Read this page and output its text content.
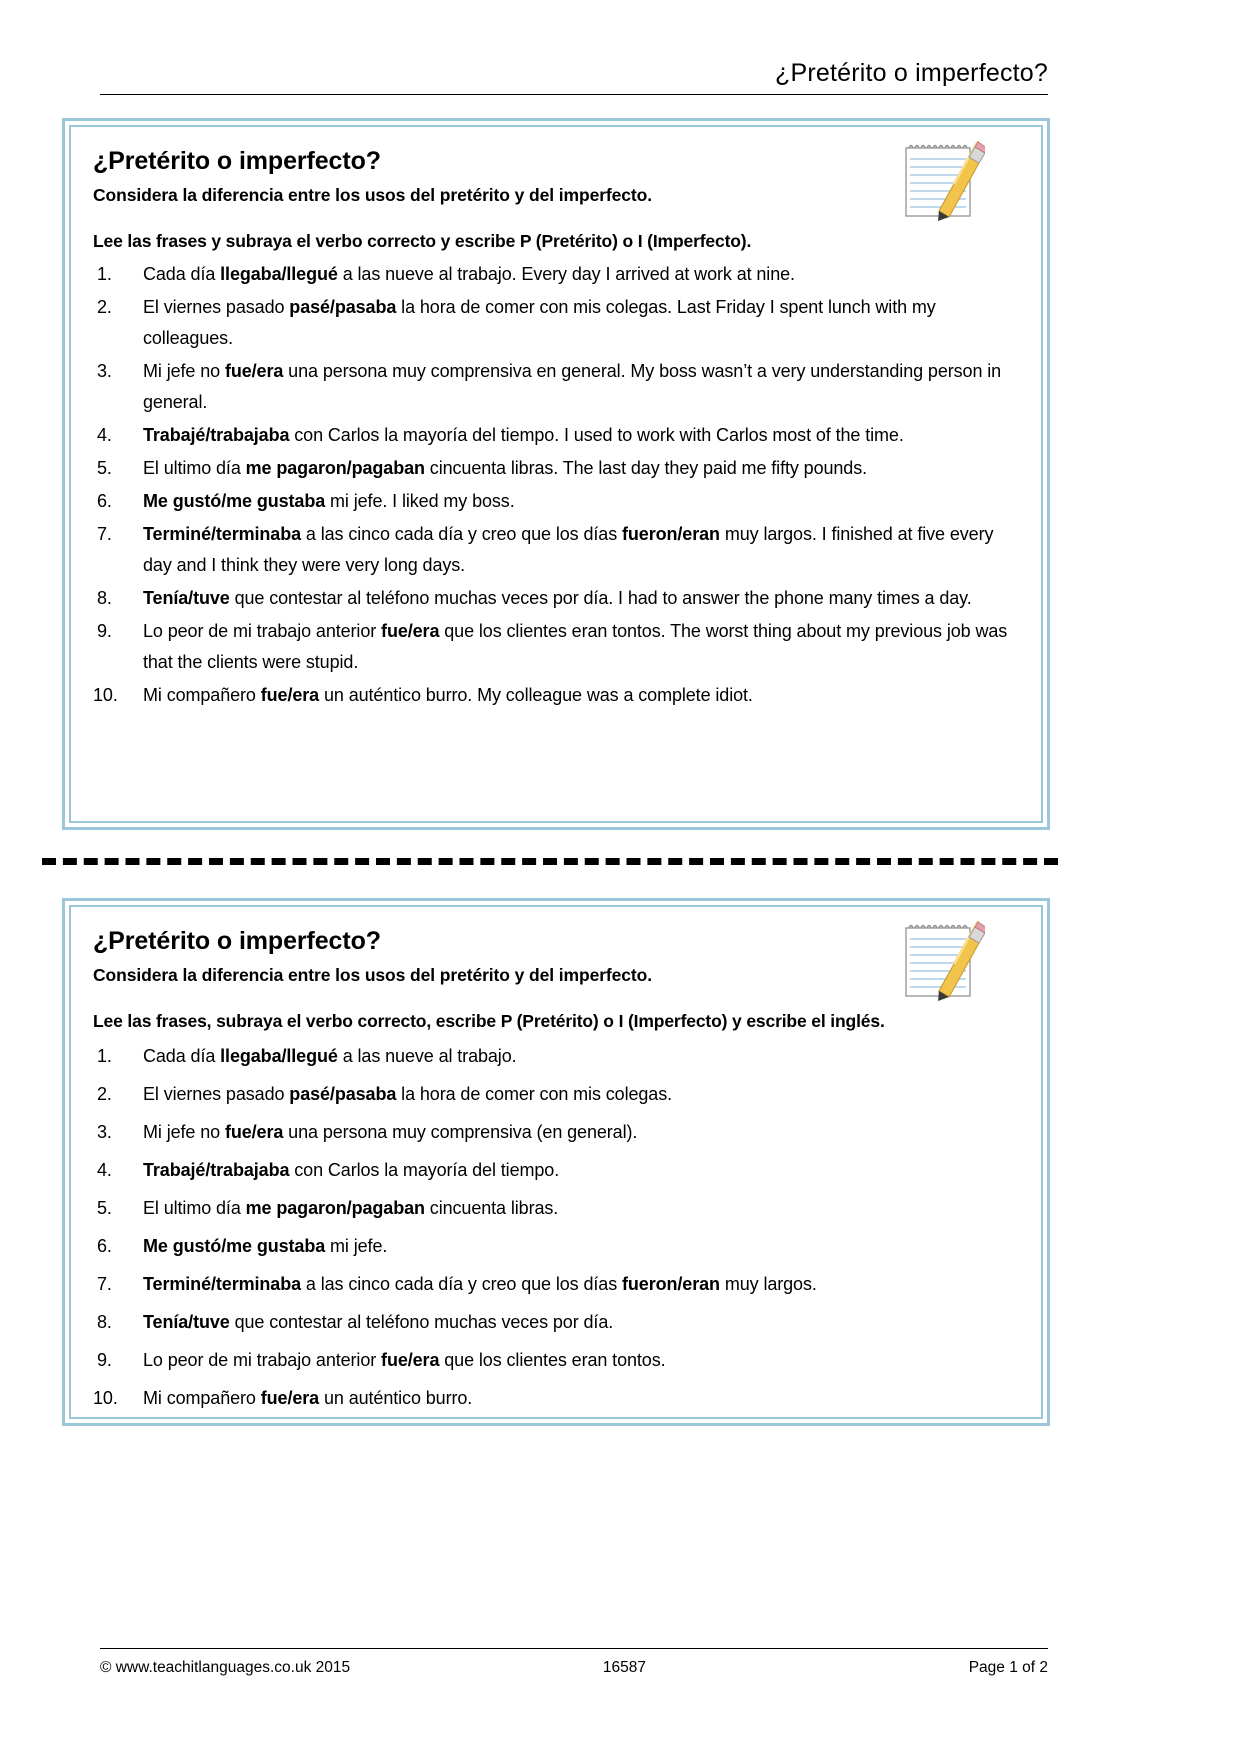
¿Pretérito o imperfecto?
¿Pretérito o imperfecto?
Considera la diferencia entre los usos del pretérito y del imperfecto.
Lee las frases y subraya el verbo correcto y escribe P (Pretérito) o I (Imperfecto).
1.	Cada día llegaba/llegué a las nueve al trabajo. Every day I arrived at work at nine.
2.	El viernes pasado pasé/pasaba la hora de comer con mis colegas. Last Friday I spent lunch with my colleagues.
3.	Mi jefe no fue/era una persona muy comprensiva en general. My boss wasn’t a very understanding person in general.
4.	Trabajé/trabajaba con Carlos la mayoría del tiempo. I used to work with Carlos most of the time.
5.	El ultimo día me pagaron/pagaban cincuenta libras. The last day they paid me fifty pounds.
6.	Me gustó/me gustaba mi jefe. I liked my boss.
7.	Terminé/terminaba a las cinco cada día y creo que los días fueron/eran muy largos. I finished at five every day and I think they were very long days.
8.	Tenía/tuve que contestar al teléfono muchas veces por día. I had to answer the phone many times a day.
9.	Lo peor de mi trabajo anterior fue/era que los clientes eran tontos. The worst thing about my previous job was that the clients were stupid.
10.	Mi compañero fue/era un auténtico burro. My colleague was a complete idiot.
¿Pretérito o imperfecto?
Considera la diferencia entre los usos del pretérito y del imperfecto.
Lee las frases, subraya el verbo correcto, escribe P (Pretérito) o I (Imperfecto) y escribe el inglés.
1.	Cada día llegaba/llegué a las nueve al trabajo.
2.	El viernes pasado pasé/pasaba la hora de comer con mis colegas.
3.	Mi jefe no fue/era una persona muy comprensiva (en general).
4.	Trabajé/trabajaba con Carlos la mayoría del tiempo.
5.	El ultimo día me pagaron/pagaban cincuenta libras.
6.	Me gustó/me gustaba mi jefe.
7.	Terminé/terminaba a las cinco cada día y creo que los días fueron/eran muy largos.
8.	Tenía/tuve que contestar al teléfono muchas veces por día.
9.	Lo peor de mi trabajo anterior fue/era que los clientes eran tontos.
10.	Mi compañero fue/era un auténtico burro.
© www.teachitlanguages.co.uk 2015	16587	Page 1 of 2
